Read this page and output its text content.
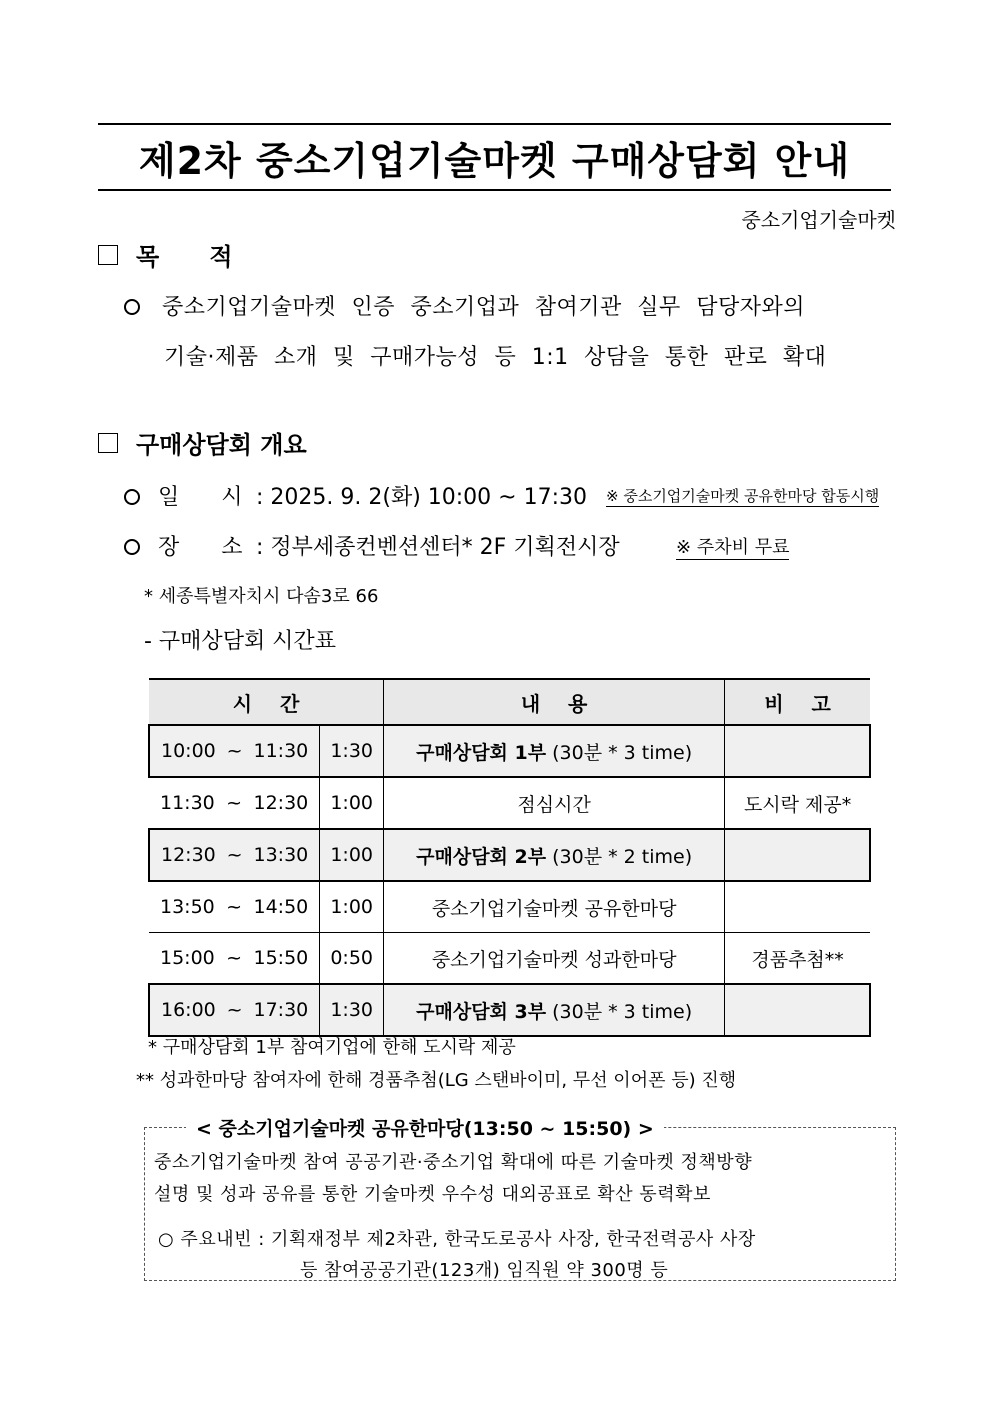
제2차 중소기업기술마켓 구매상담회 안내
중소기업기술마켓
목      적
중소기업기술마켓 인증 중소기업과 참여기관 실무 담당자와의
기술·제품 소개 및 구매가능성 등 1:1 상담을 통한 판로 확대
구매상담회 개요
일      시 : 2025. 9. 2(화) 10:00 ~ 17:30 ※ 중소기업기술마켓 공유한마당 합동시행
장      소 : 정부세종컨벤션센터* 2F 기획전시장	※ 주차비 무료
* 세종특별자치시 다솜3로 66
- 구매상담회 시간표
시    간		내    용	비    고

10:00 ~ 11:30	1:30	구매상담회 1부 (30분 * 3 time)	

11:30 ~ 12:30	1:00	점심시간	도시락 제공*

12:30 ~ 13:30	1:00	구매상담회 2부 (30분 * 2 time)	

13:50 ~ 14:50	1:00	중소기업기술마켓 공유한마당	

15:00 ~ 15:50	0:50	중소기업기술마켓 성과한마당	경품추첨**

16:00 ~ 17:30	1:30	구매상담회 3부 (30분 * 3 time)	
* 구매상담회 1부 참여기업에 한해 도시락 제공
** 성과한마당 참여자에 한해 경품추첨(LG 스탠바이미, 무선 이어폰 등) 진행
< 중소기업기술마켓 공유한마당(13:50 ~ 15:50) >
중소기업기술마켓 참여 공공기관·중소기업 확대에 따른 기술마켓 정책방향
설명 및 성과 공유를 통한 기술마켓 우수성 대외공표로 확산 동력확보
○ 주요내빈 : 기획재정부 제2차관, 한국도로공사 사장, 한국전력공사 사장
등 참여공공기관(123개) 임직원 약 300명 등
